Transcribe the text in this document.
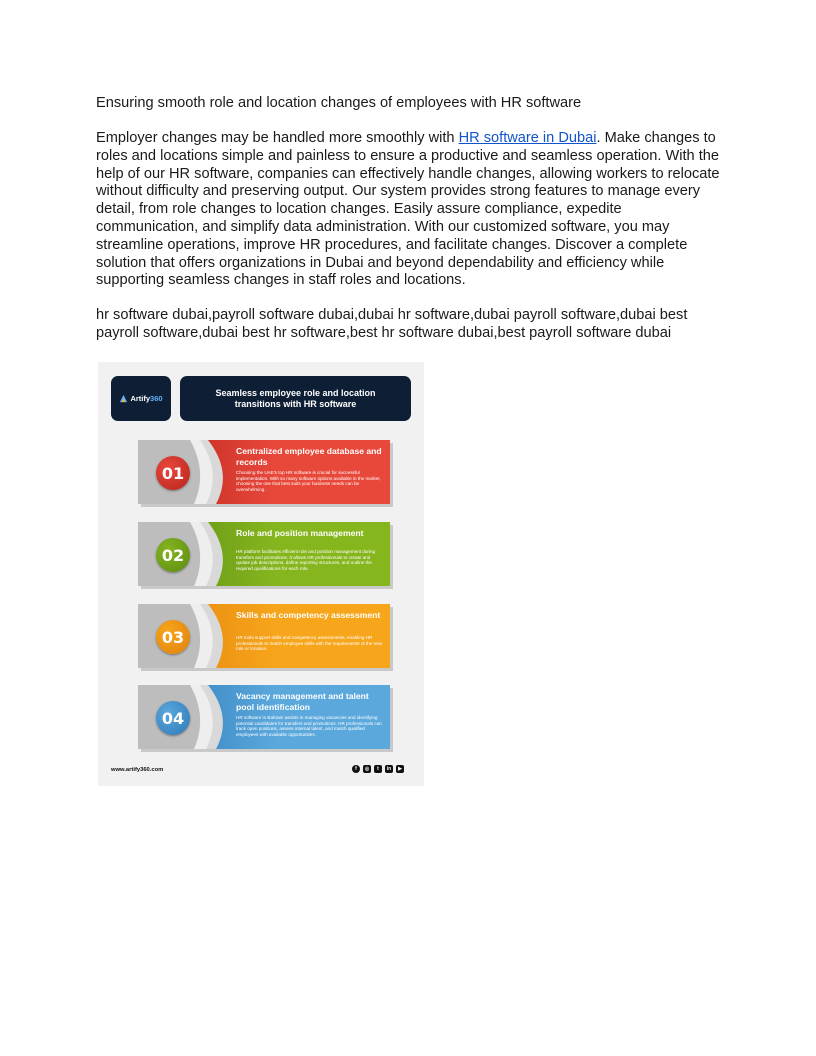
Ensuring smooth role and location changes of employees with HR software

Employer changes may be handled more smoothly with HR software in Dubai. Make changes to roles and locations simple and painless to ensure a productive and seamless operation. With the help of our HR software, companies can effectively handle changes, allowing workers to relocate without difficulty and preserving output. Our system provides strong features to manage every detail, from role changes to location changes. Easily assure compliance, expedite communication, and simplify data administration. With our customized software, you may streamline operations, improve HR procedures, and facilitate changes. Discover a complete solution that offers organizations in Dubai and beyond dependability and efficiency while supporting seamless changes in staff roles and locations.

hr software dubai,payroll software dubai,dubai hr software,dubai payroll software,dubai best payroll software,dubai best hr software,best hr software dubai,best payroll software dubai

Artify360
Seamless employee role and location transitions with HR software
01
Centralized employee database and records
Choosing the UAE's top HR software is crucial for successful implementation. With so many software options available in the market, choosing the one that best suits your business needs can be overwhelming.
02
Role and position management
HR platform facilitates efficient role and position management during transfers and promotions. It allows HR professionals to create and update job descriptions, define reporting structures, and outline the required qualifications for each role.
03
Skills and competency assessment
HR tools support skills and competency assessments, enabling HR professionals to match employee skills with the requirements of the new role or location.
04
Vacancy management and talent pool identification
HR software in Bahrain assists in managing vacancies and identifying potential candidates for transfers and promotions. HR professionals can track open positions, assess internal talent, and match qualified employees with available opportunities.
www.artify360.com	f	◎	t	in	▶
